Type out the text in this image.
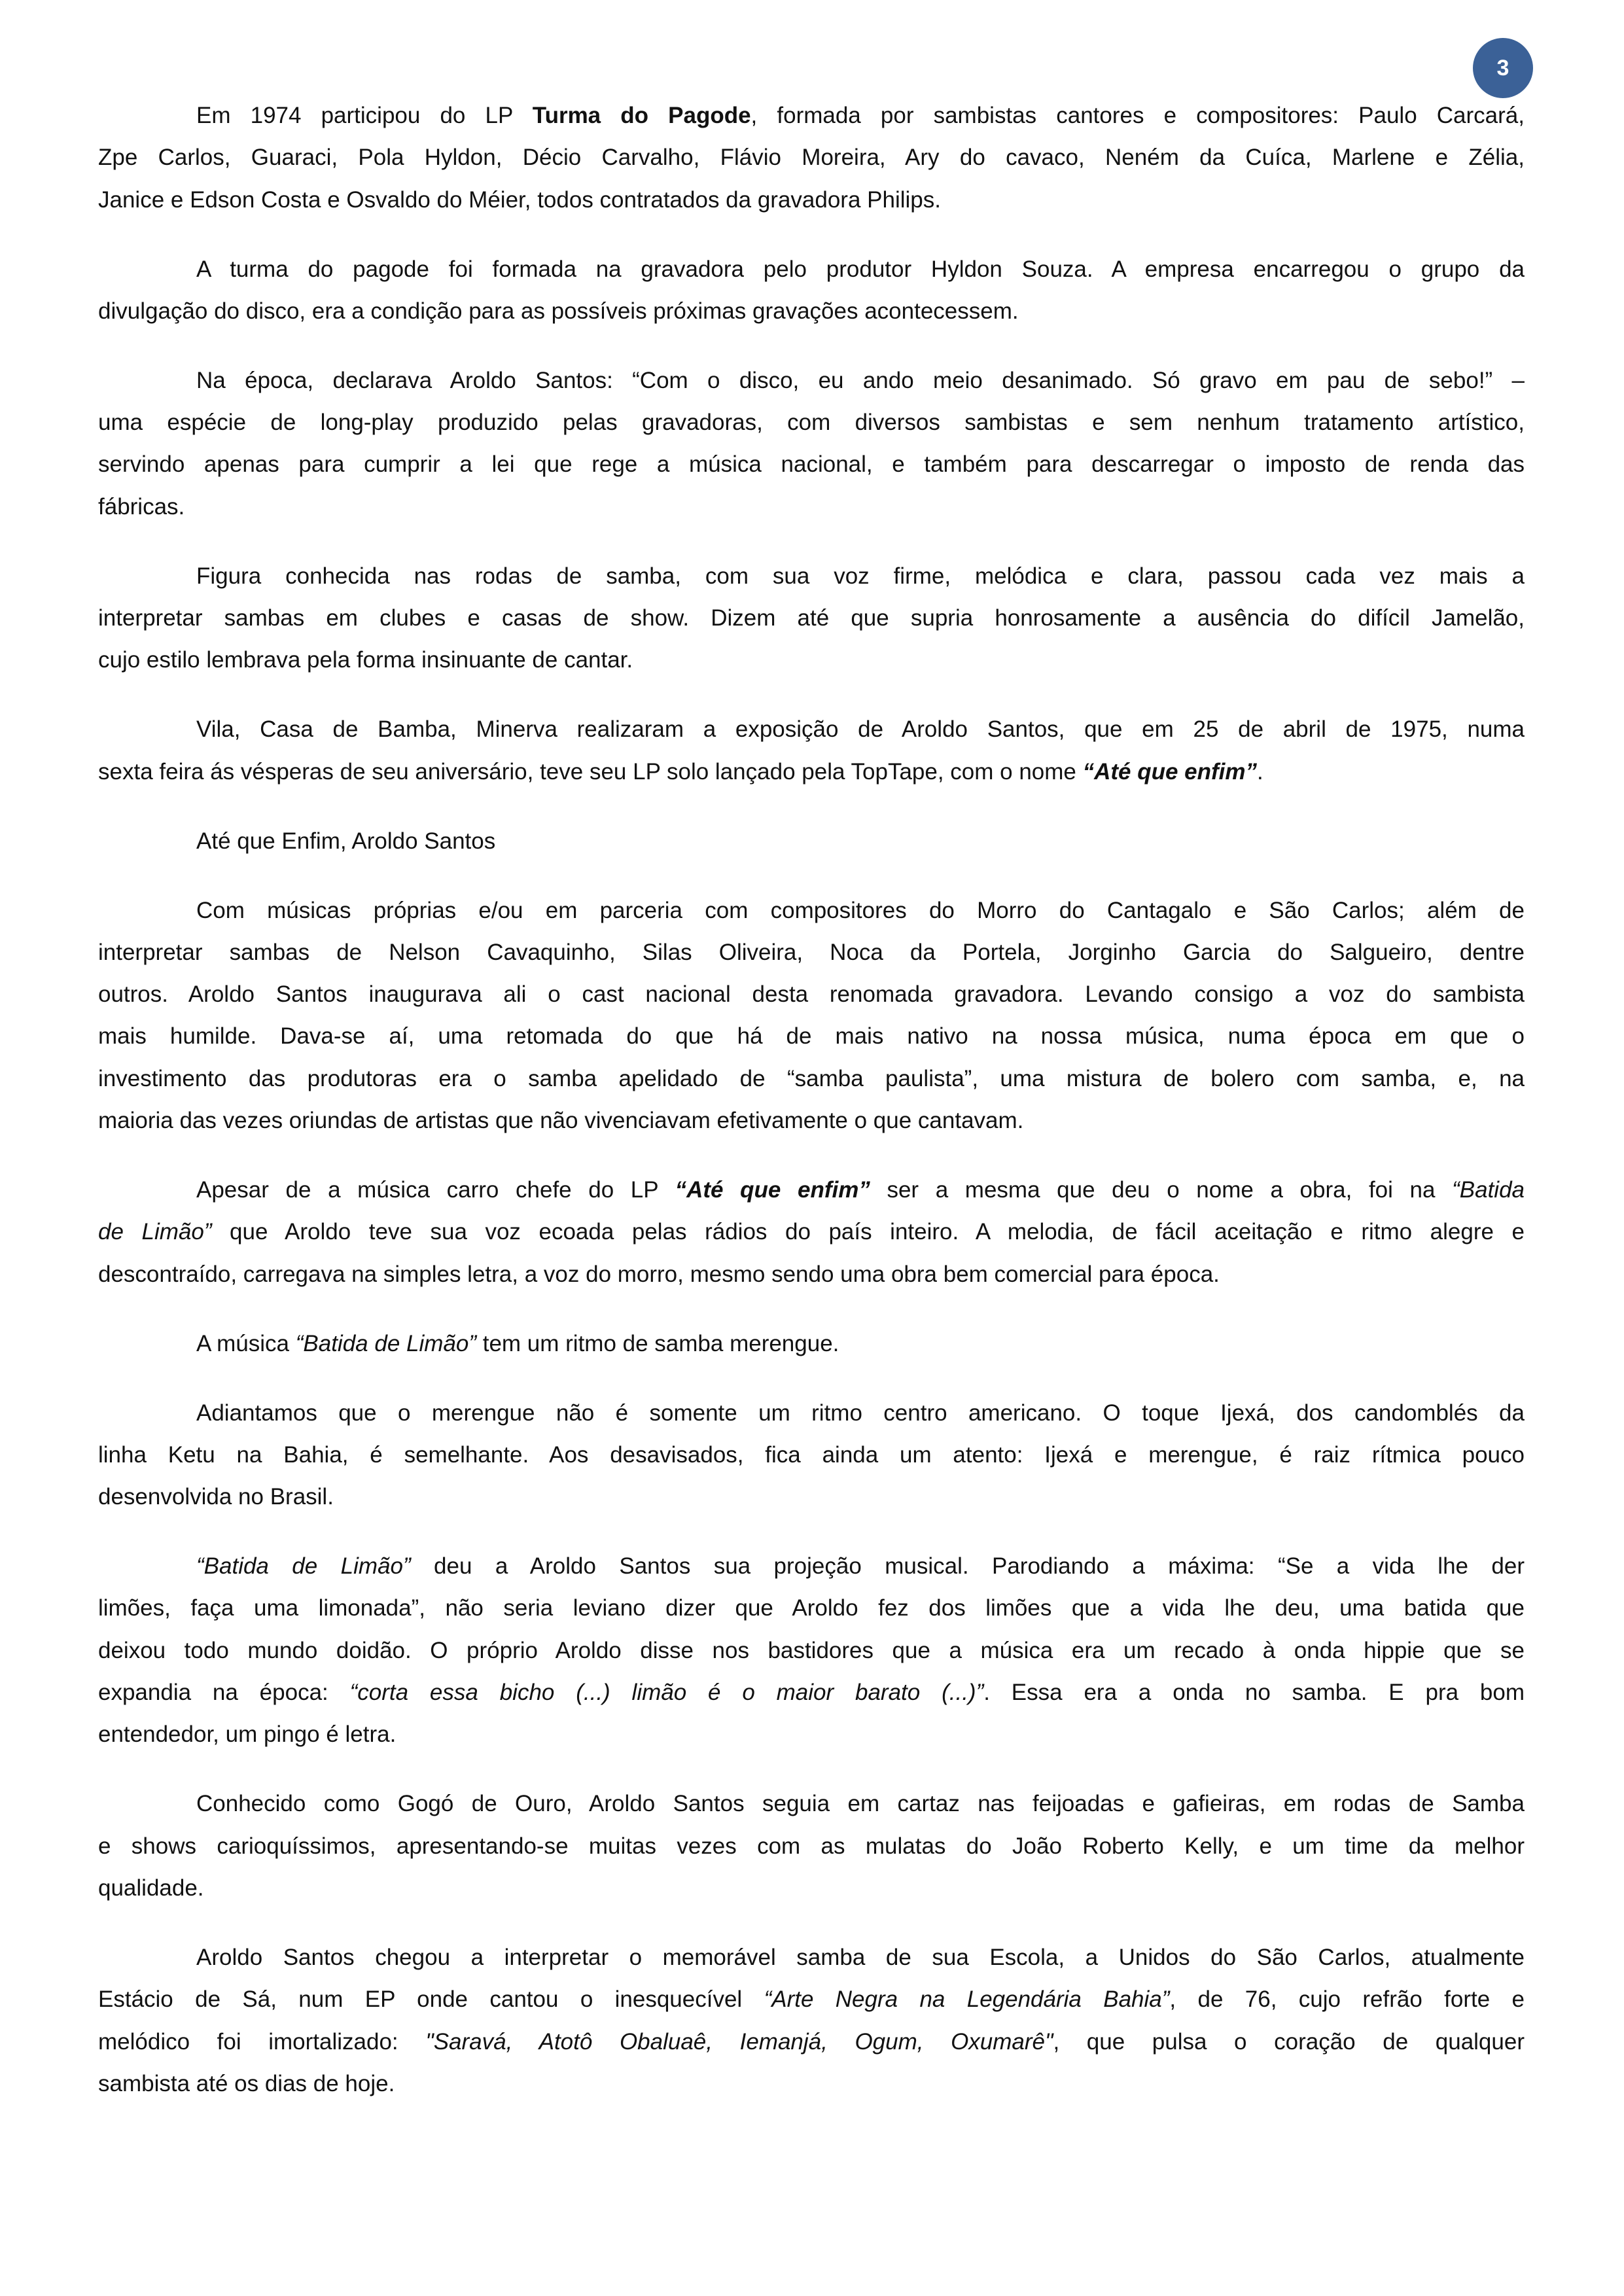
3
Em 1974 participou do LP Turma do Pagode, formada por sambistas cantores e compositores: Paulo Carcará,
Zpe Carlos, Guaraci, Pola Hyldon, Décio Carvalho, Flávio Moreira, Ary do cavaco, Neném da Cuíca, Marlene e Zélia,
Janice e Edson Costa e Osvaldo do Méier, todos contratados da gravadora Philips.
A turma do pagode foi formada na gravadora pelo produtor Hyldon Souza. A empresa encarregou o grupo da
divulgação do disco, era a condição para as possíveis próximas gravações acontecessem.
Na época, declarava Aroldo Santos: “Com o disco, eu ando meio desanimado. Só gravo em pau de sebo!” –
uma espécie de long-play produzido pelas gravadoras, com diversos sambistas e sem nenhum tratamento artístico,
servindo apenas para cumprir a lei que rege a música nacional, e também para descarregar o imposto de renda das
fábricas.
Figura conhecida nas rodas de samba, com sua voz firme, melódica e clara, passou cada vez mais a
interpretar sambas em clubes e casas de show. Dizem até que supria honrosamente a ausência do difícil Jamelão,
cujo estilo lembrava pela forma insinuante de cantar.
Vila, Casa de Bamba, Minerva realizaram a exposição de Aroldo Santos, que em 25 de abril de 1975, numa
sexta feira ás vésperas de seu aniversário, teve seu LP solo lançado pela TopTape, com o nome “Até que enfim”.
Até que Enfim, Aroldo Santos
Com músicas próprias e/ou em parceria com compositores do Morro do Cantagalo e São Carlos; além de
interpretar sambas de Nelson Cavaquinho, Silas Oliveira, Noca da Portela, Jorginho Garcia do Salgueiro, dentre
outros. Aroldo Santos inaugurava ali o cast nacional desta renomada gravadora. Levando consigo a voz do sambista
mais humilde. Dava-se aí, uma retomada do que há de mais nativo na nossa música, numa época em que o
investimento das produtoras era o samba apelidado de “samba paulista”, uma mistura de bolero com samba, e, na
maioria das vezes oriundas de artistas que não vivenciavam efetivamente o que cantavam.
Apesar de a música carro chefe do LP “Até que enfim” ser a mesma que deu o nome a obra, foi na “Batida
de Limão” que Aroldo teve sua voz ecoada pelas rádios do país inteiro. A melodia, de fácil aceitação e ritmo alegre e
descontraído, carregava na simples letra, a voz do morro, mesmo sendo uma obra bem comercial para época.
A música “Batida de Limão” tem um ritmo de samba merengue.
Adiantamos que o merengue não é somente um ritmo centro americano. O toque Ijexá, dos candomblés da
linha Ketu na Bahia, é semelhante. Aos desavisados, fica ainda um atento: Ijexá e merengue, é raiz rítmica pouco
desenvolvida no Brasil.
“Batida de Limão” deu a Aroldo Santos sua projeção musical. Parodiando a máxima: “Se a vida lhe der
limões, faça uma limonada”, não seria leviano dizer que Aroldo fez dos limões que a vida lhe deu, uma batida que
deixou todo mundo doidão. O próprio Aroldo disse nos bastidores que a música era um recado à onda hippie que se
expandia na época: “corta essa bicho (...) limão é o maior barato (...)”. Essa era a onda no samba. E pra bom
entendedor, um pingo é letra.
Conhecido como Gogó de Ouro, Aroldo Santos seguia em cartaz nas feijoadas e gafieiras, em rodas de Samba
e shows carioquíssimos, apresentando-se muitas vezes com as mulatas do João Roberto Kelly, e um time da melhor
qualidade.
Aroldo Santos chegou a interpretar o memorável samba de sua Escola, a Unidos do São Carlos, atualmente
Estácio de Sá, num EP onde cantou o inesquecível “Arte Negra na Legendária Bahia”, de 76, cujo refrão forte e
melódico foi imortalizado: "Saravá, Atotô Obaluaê, Iemanjá, Ogum, Oxumarê", que pulsa o coração de qualquer
sambista até os dias de hoje.
